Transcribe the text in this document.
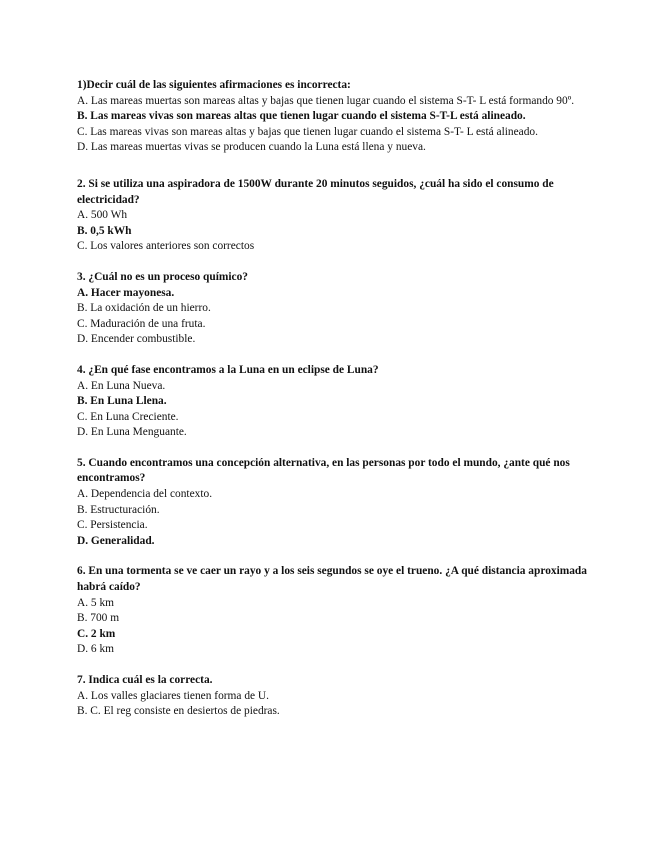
1)Decir cuál de las siguientes afirmaciones es incorrecta:
A. Las mareas muertas son mareas altas y bajas que tienen lugar cuando el sistema S-T- L está formando 90º.
B. Las mareas vivas son mareas altas que tienen lugar cuando el sistema S-T-L está alineado.
C. Las mareas vivas son mareas altas y bajas que tienen lugar cuando el sistema S-T- L está alineado.
D. Las mareas muertas vivas se producen cuando la Luna está llena y nueva.
2. Si se utiliza una aspiradora de 1500W durante 20 minutos seguidos, ¿cuál ha sido el consumo de electricidad?
A. 500 Wh
B. 0,5 kWh
C. Los valores anteriores son correctos
3. ¿Cuál no es un proceso químico?
A. Hacer mayonesa.
B. La oxidación de un hierro.
C. Maduración de una fruta.
D. Encender combustible.
4. ¿En qué fase encontramos a la Luna en un eclipse de Luna?
A. En Luna Nueva.
B. En Luna Llena.
C. En Luna Creciente.
D. En Luna Menguante.
5. Cuando encontramos una concepción alternativa, en las personas por todo el mundo, ¿ante qué nos encontramos?
A. Dependencia del contexto.
B. Estructuración.
C. Persistencia.
D. Generalidad.
6. En una tormenta se ve caer un rayo y a los seis segundos se oye el trueno. ¿A qué distancia aproximada habrá caído?
A. 5 km
B. 700 m
C. 2 km
D. 6 km
7. Indica cuál es la correcta.
A. Los valles glaciares tienen forma de U.
B. C. El reg consiste en desiertos de piedras.
